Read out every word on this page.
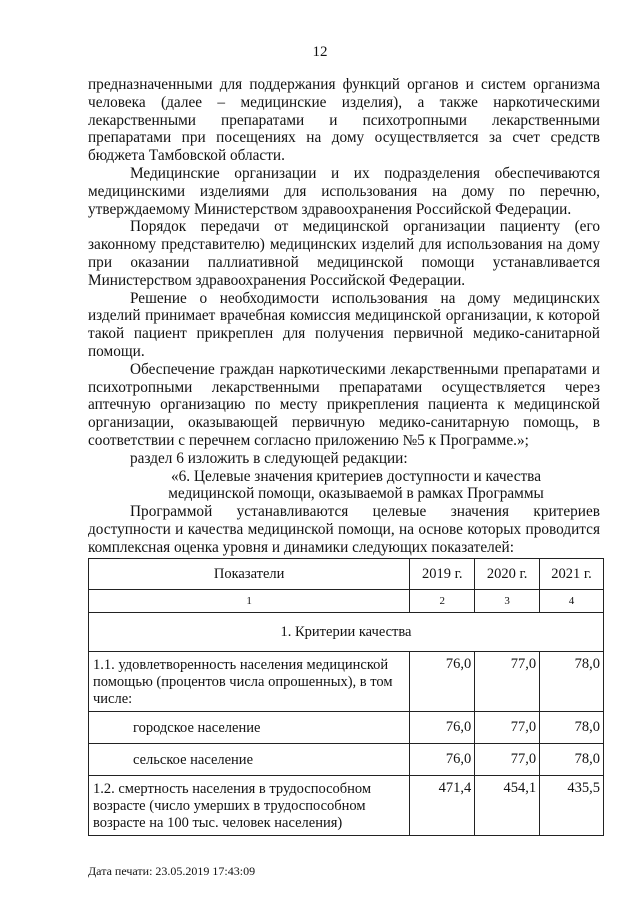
12

предназначенными для поддержания функций органов и систем организма человека (далее – медицинские изделия), а также наркотическими лекарственными препаратами и психотропными лекарственными препаратами при посещениях на дому осуществляется за счет средств бюджета Тамбовской области.

Медицинские организации и их подразделения обеспечиваются медицинскими изделиями для использования на дому по перечню, утверждаемому Министерством здравоохранения Российской Федерации.

Порядок передачи от медицинской организации пациенту (его законному представителю) медицинских изделий для использования на дому при оказании паллиативной медицинской помощи устанавливается Министерством здравоохранения Российской Федерации.

Решение о необходимости использования на дому медицинских изделий принимает врачебная комиссия медицинской организации, к которой такой пациент прикреплен для получения первичной медико-санитарной помощи.

Обеспечение граждан наркотическими лекарственными препаратами и психотропными лекарственными препаратами осуществляется через аптечную организацию по месту прикрепления пациента к медицинской организации, оказывающей первичную медико-санитарную помощь, в соответствии с перечнем согласно приложению №5 к Программе.»;

раздел 6 изложить в следующей редакции:

«6. Целевые значения критериев доступности и качества

медицинской помощи, оказываемой в рамках Программы

Программой устанавливаются целевые значения критериев доступности и качества медицинской помощи, на основе которых проводится комплексная оценка уровня и динамики следующих показателей:

Показатели	2019 г.	2020 г.	2021 г.
1	2	3	4
1. Критерии качества			
1.1. удовлетворенность населения медицинской помощью (процентов числа опрошенных), в том числе:	76,0	77,0	78,0
городское население	76,0	77,0	78,0
сельское население	76,0	77,0	78,0
1.2. смертность населения в трудоспособном возрасте (число умерших в трудоспособном возрасте на 100 тыс. человек населения)	471,4	454,1	435,5
Дата печати: 23.05.2019 17:43:09
